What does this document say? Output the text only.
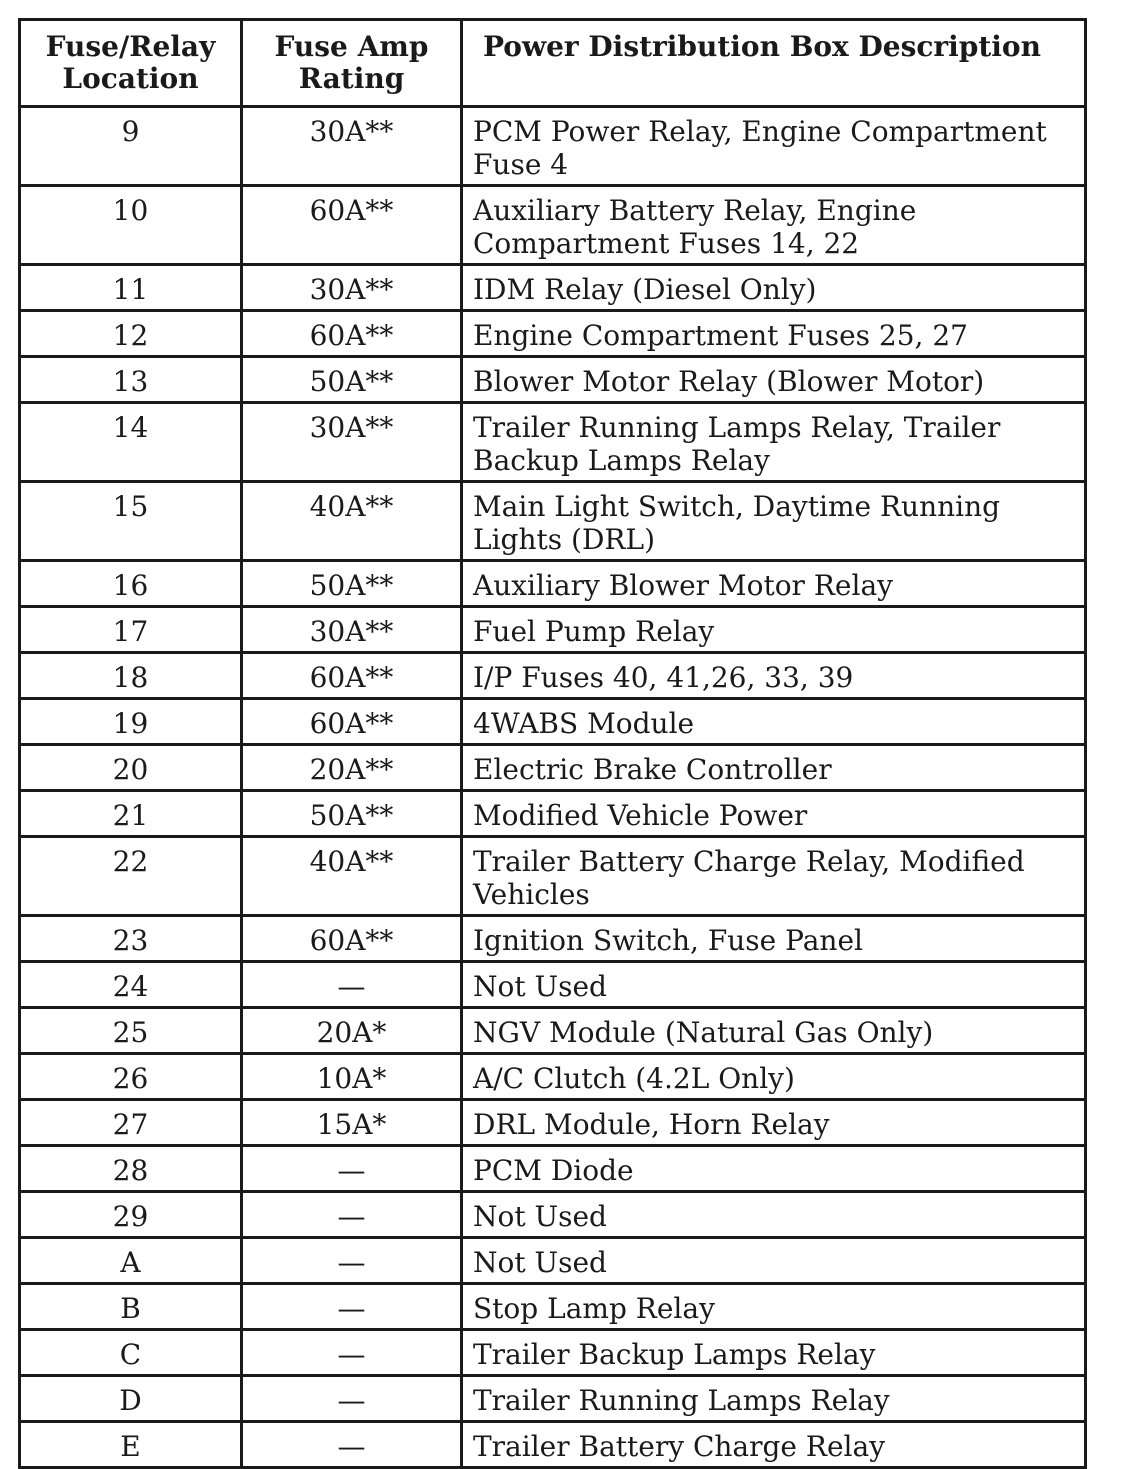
Fuse/Relay Location	Fuse Amp Rating	Power Distribution Box Description
9	30A**	PCM Power Relay, Engine Compartment Fuse 4
10	60A**	Auxiliary Battery Relay, Engine Compartment Fuses 14, 22
11	30A**	IDM Relay (Diesel Only)
12	60A**	Engine Compartment Fuses 25, 27
13	50A**	Blower Motor Relay (Blower Motor)
14	30A**	Trailer Running Lamps Relay, Trailer Backup Lamps Relay
15	40A**	Main Light Switch, Daytime Running Lights (DRL)
16	50A**	Auxiliary Blower Motor Relay
17	30A**	Fuel Pump Relay
18	60A**	I/P Fuses 40, 41,26, 33, 39
19	60A**	4WABS Module
20	20A**	Electric Brake Controller
21	50A**	Modified Vehicle Power
22	40A**	Trailer Battery Charge Relay, Modified Vehicles
23	60A**	Ignition Switch, Fuse Panel
24	—	Not Used
25	20A*	NGV Module (Natural Gas Only)
26	10A*	A/C Clutch (4.2L Only)
27	15A*	DRL Module, Horn Relay
28	—	PCM Diode
29	—	Not Used
A	—	Not Used
B	—	Stop Lamp Relay
C	—	Trailer Backup Lamps Relay
D	—	Trailer Running Lamps Relay
E	—	Trailer Battery Charge Relay
